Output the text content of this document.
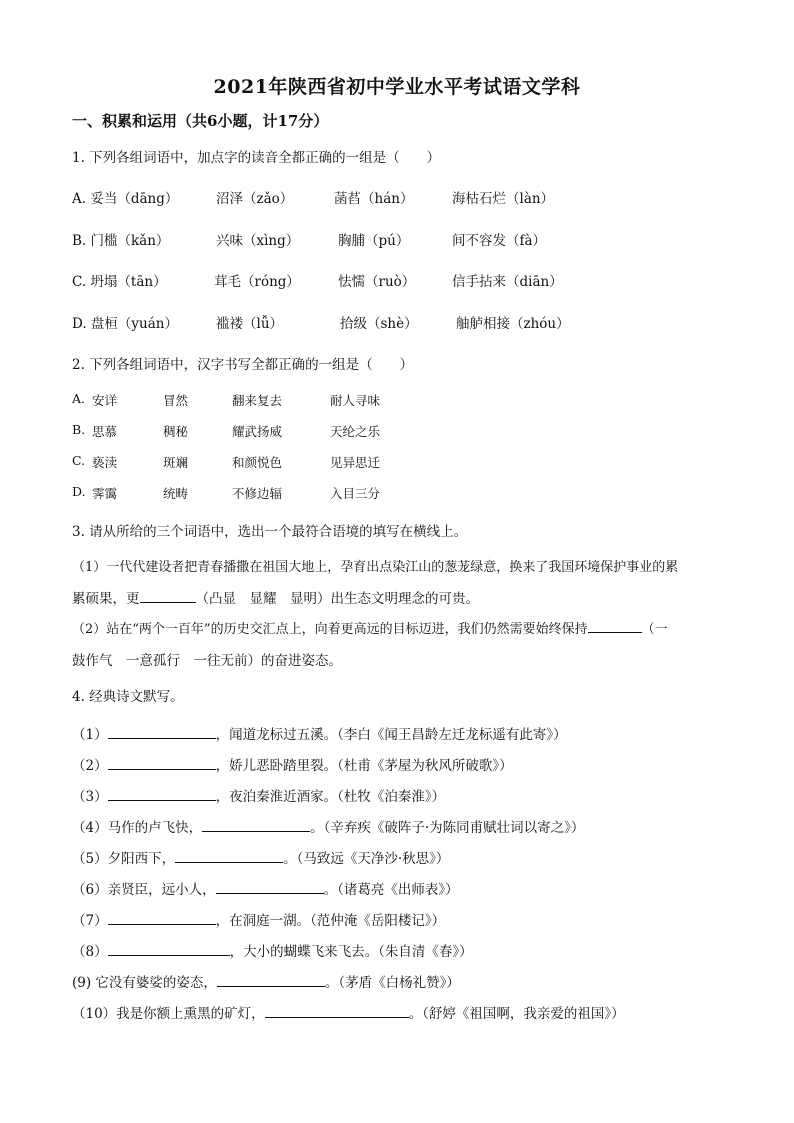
2021年陕西省初中学业水平考试语文学科
一、积累和运用（共6小题，计17分）
1. 下列各组词语中，加点字的读音全都正确的一组是（　　）
A. 妥当（dāng）	沼泽（zǎo）	菡萏（hán）	海枯石烂（làn）
B. 门槛（kǎn）	兴味（xìng）	胸脯（pú）	间不容发（fà）
C. 坍塌（tān）	茸毛（róng）	怯懦（ruò）	信手拈来（diān）
D. 盘桓（yuán）	褴褛（lǚ）	拾级（shè）	舳舻相接（zhóu）
2. 下列各组词语中，汉字书写全都正确的一组是（　　）
A. 安详	冒然	翻来复去	耐人寻味
B. 思慕	稠秘	耀武扬威	天纶之乐
C. 亵渎	斑斓	和颜悦色	见异思迁
D. 霁霭	统畴	不修边辐	入目三分
3. 请从所给的三个词语中，选出一个最符合语境的填写在横线上。
（1）一代代建设者把青春播撒在祖国大地上，孕育出点染江山的葱茏绿意，换来了我国环境保护事业的累
累硕果，更	（凸显　显耀　显明）出生态文明理念的可贵。
（2）站在“两个一百年”的历史交汇点上，向着更高远的目标迈进，我们仍然需要始终保持	（一
鼓作气　一意孤行　一往无前）的奋进姿态。
4. 经典诗文默写。
（1）	，闻道龙标过五溪。（李白《闻王昌龄左迁龙标遥有此寄》）
（2）	，娇儿恶卧踏里裂。（杜甫《茅屋为秋风所破歌》）
（3）	，夜泊秦淮近酒家。（杜牧《泊秦淮》）
（4）马作的卢飞快，	。（辛弃疾《破阵子·为陈同甫赋壮词以寄之》）
（5）夕阳西下，	。（马致远《天净沙·秋思》）
（6）亲贤臣，远小人，	。（诸葛亮《出师表》）
（7）	，在洞庭一湖。（范仲淹《岳阳楼记》）
（8）	，大小的蝴蝶飞来飞去。（朱自清《春》）
(9) 它没有婆娑的姿态，	。（茅盾《白杨礼赞》）
（10）我是你额上熏黑的矿灯，	。（舒婷《祖国啊，我亲爱的祖国》）
